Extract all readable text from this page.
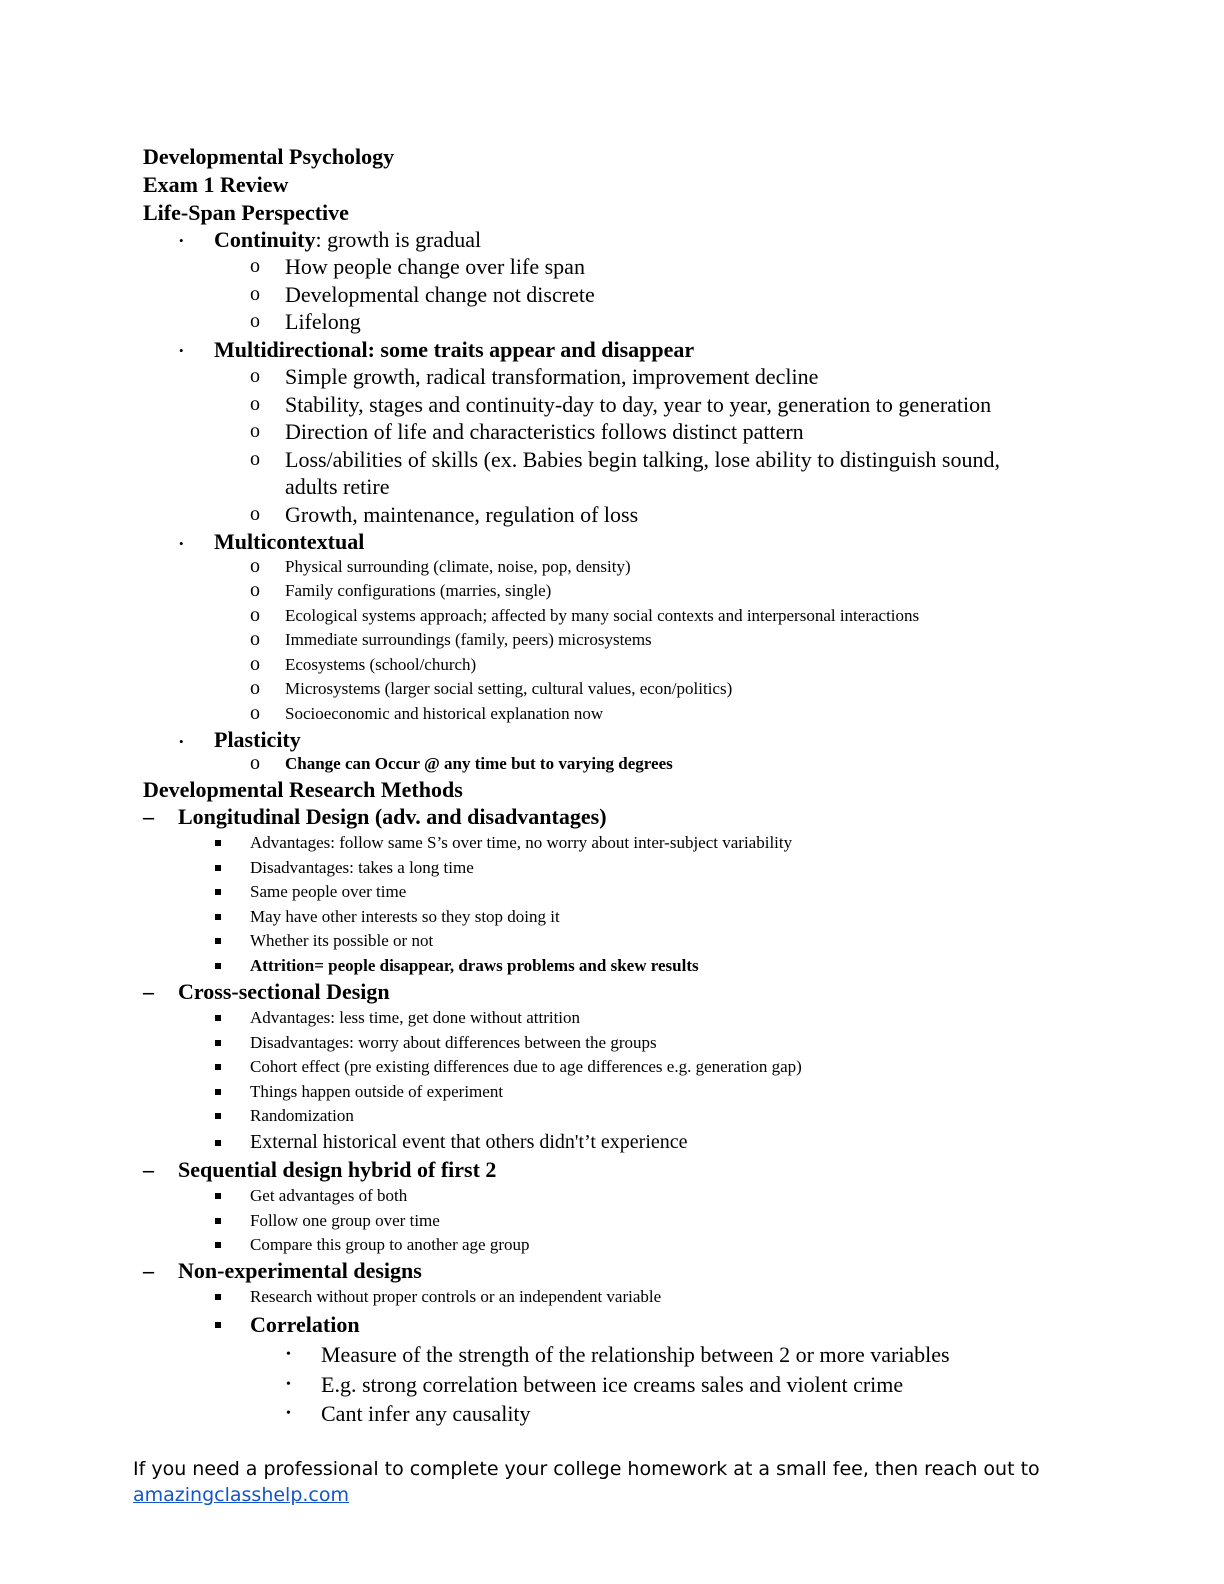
Developmental Psychology
Exam 1 Review
Life-Span Perspective
• Continuity: growth is gradual
o How people change over life span
o Developmental change not discrete
o Lifelong
• Multidirectional: some traits appear and disappear
o Simple growth, radical transformation, improvement decline
o Stability, stages and continuity-day to day, year to year, generation to generation
o Direction of life and characteristics follows distinct pattern
o Loss/abilities of skills (ex. Babies begin talking, lose ability to distinguish sound,
adults retire
o Growth, maintenance, regulation of loss
• Multicontextual
o Physical surrounding (climate, noise, pop, density)
o Family configurations (marries, single)
o Ecological systems approach; affected by many social contexts and interpersonal interactions
o Immediate surroundings (family, peers) microsystems
o Ecosystems (school/church)
o Microsystems (larger social setting, cultural values, econ/politics)
o Socioeconomic and historical explanation now
• Plasticity
o Change can Occur @ any time but to varying degrees
Developmental Research Methods
– Longitudinal Design (adv. and disadvantages)
Advantages: follow same S’s over time, no worry about inter-subject variability
Disadvantages: takes a long time
Same people over time
May have other interests so they stop doing it
Whether its possible or not
Attrition= people disappear, draws problems and skew results
– Cross-sectional Design
Advantages: less time, get done without attrition
Disadvantages: worry about differences between the groups
Cohort effect (pre existing differences due to age differences e.g. generation gap)
Things happen outside of experiment
Randomization
External historical event that others didn't’t experience
– Sequential design hybrid of first 2
Get advantages of both
Follow one group over time
Compare this group to another age group
– Non-experimental designs
Research without proper controls or an independent variable
Correlation
• Measure of the strength of the relationship between 2 or more variables
• E.g. strong correlation between ice creams sales and violent crime
• Cant infer any causality
If you need a professional to complete your college homework at a small fee, then reach out to
amazingclasshelp.com
